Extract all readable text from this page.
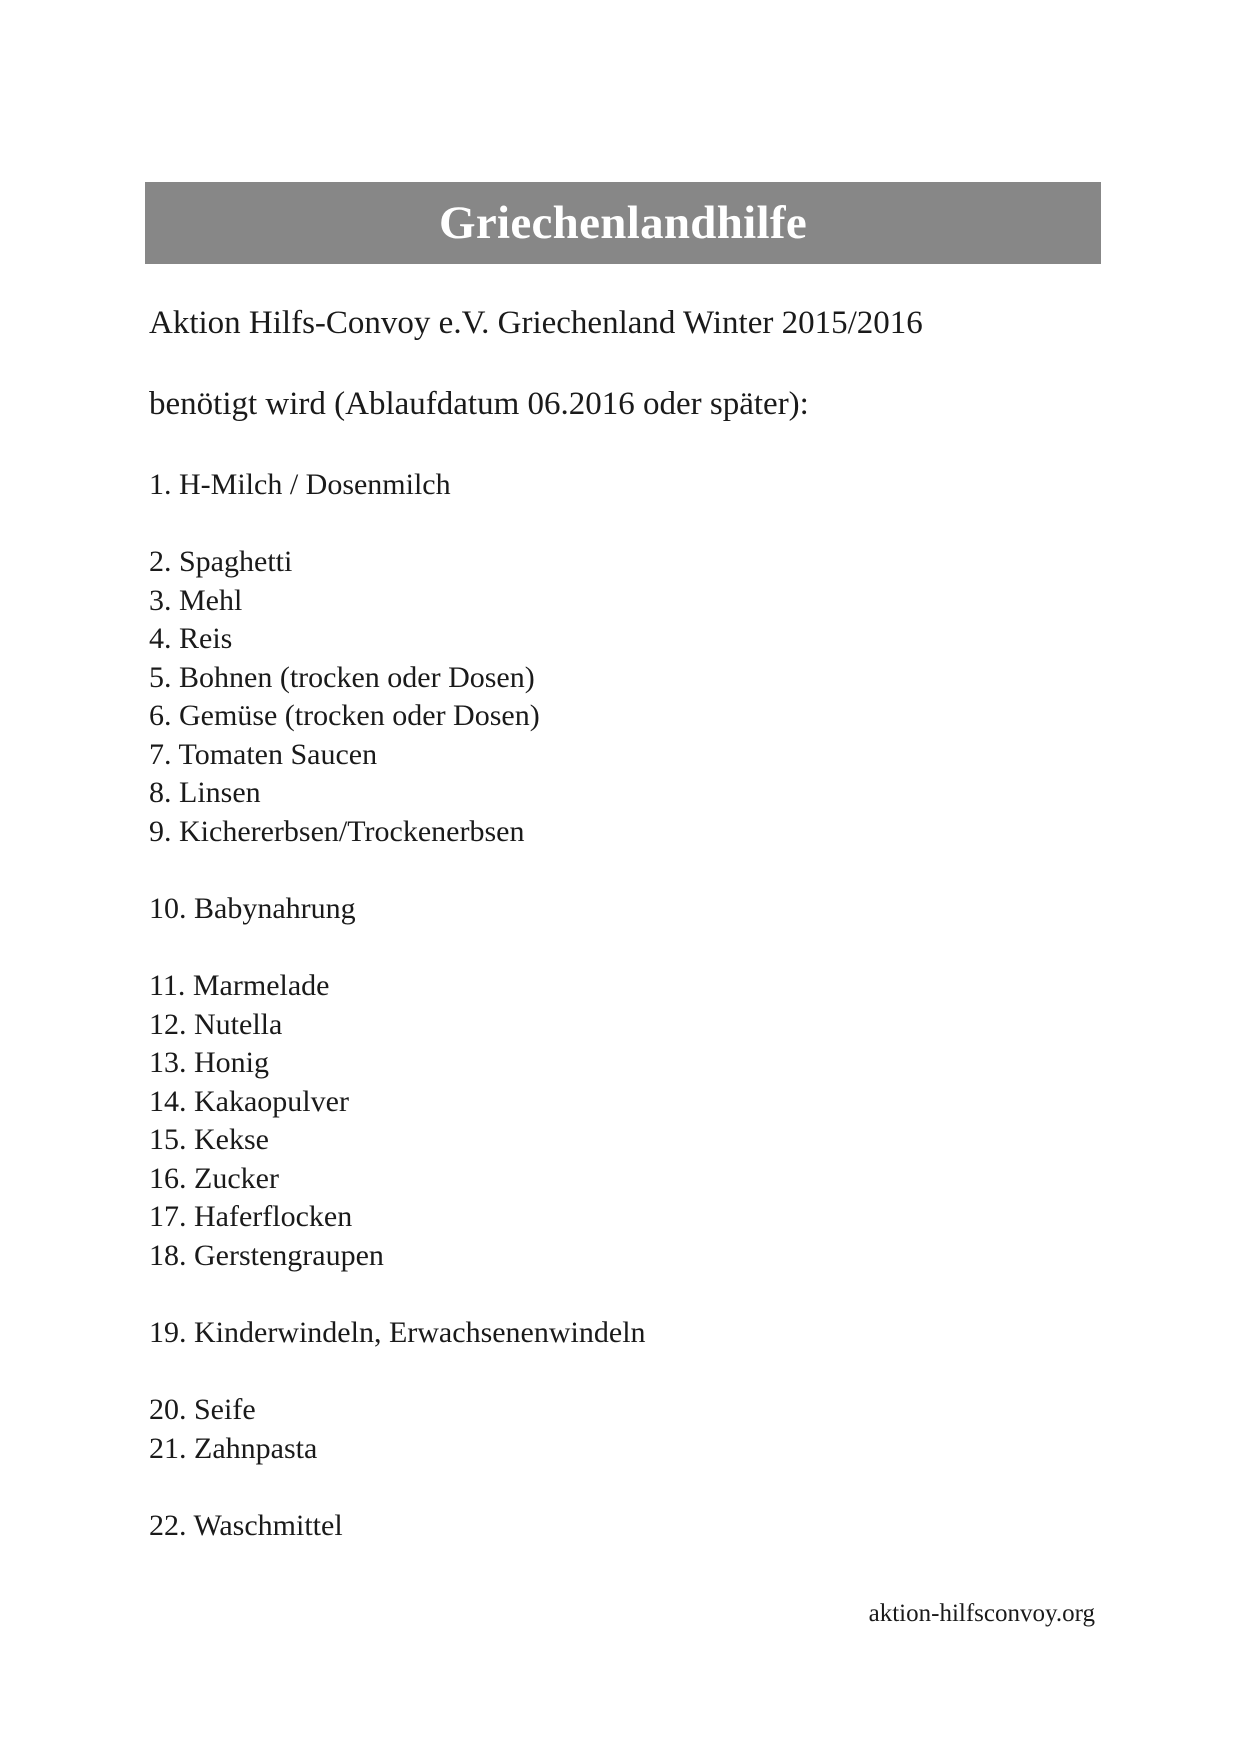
Griechenlandhilfe
Aktion Hilfs-Convoy e.V. Griechenland Winter 2015/2016
benötigt wird (Ablaufdatum 06.2016 oder später):
1. H-Milch / Dosenmilch
2. Spaghetti
3. Mehl
4. Reis
5. Bohnen (trocken oder Dosen)
6. Gemüse (trocken oder Dosen)
7. Tomaten Saucen
8. Linsen
9. Kichererbsen/Trockenerbsen
10. Babynahrung
11. Marmelade
12. Nutella
13. Honig
14. Kakaopulver
15. Kekse
16. Zucker
17. Haferflocken
18. Gerstengraupen
19. Kinderwindeln, Erwachsenenwindeln
20. Seife
21. Zahnpasta
22. Waschmittel
aktion-hilfsconvoy.org
